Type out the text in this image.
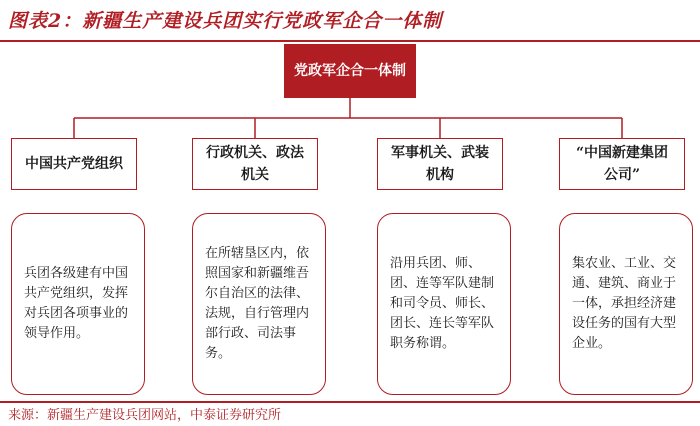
图表2：新疆生产建设兵团实行党政军企合一体制
党政军企合一体制
中国共产党组织
行政机关、政法机关
军事机关、武装机构
“中国新建集团公司”
兵团各级建有中国共产党组织，发挥对兵团各项事业的领导作用。
在所辖垦区内，依照国家和新疆维吾尔自治区的法律、法规，自行管理内部行政、司法事务。
沿用兵团、师、团、连等军队建制和司令员、师长、团长、连长等军队职务称谓。
集农业、工业、交通、建筑、商业于一体，承担经济建设任务的国有大型企业。
来源：新疆生产建设兵团网站，中泰证券研究所
